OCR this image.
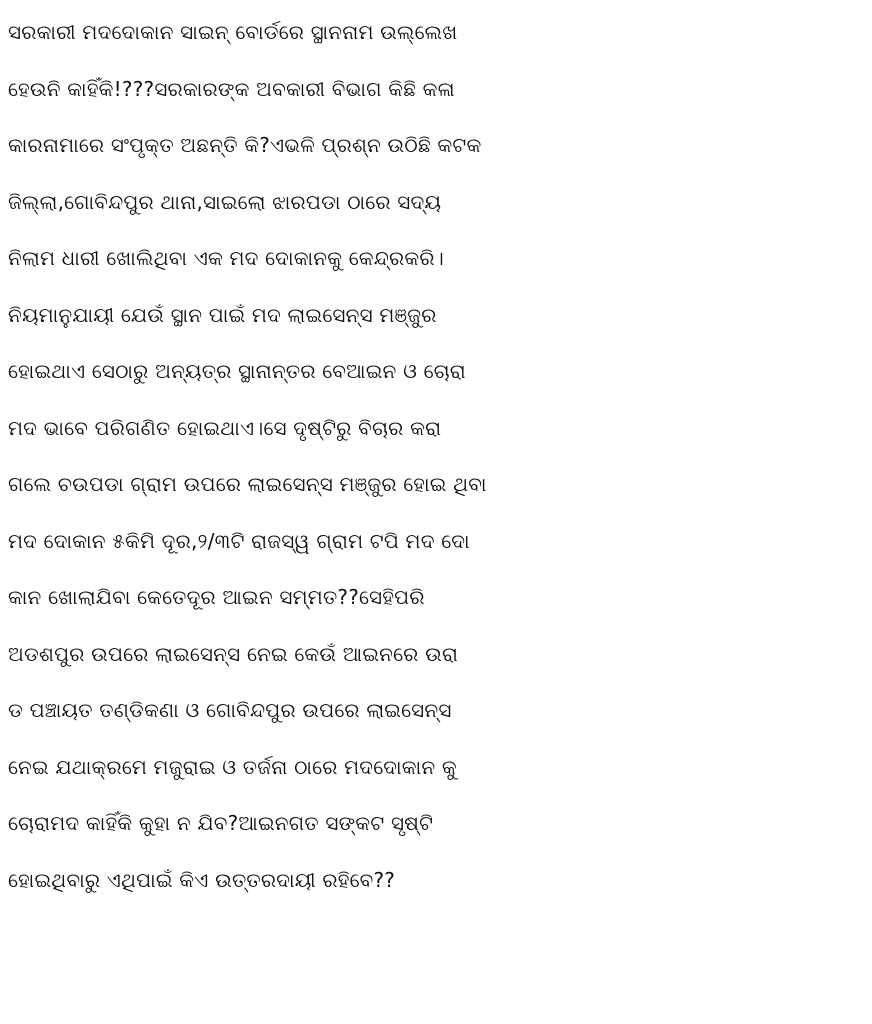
ସରକାରୀ ମଦଦୋକାନ ସାଇନ୍ ବୋର୍ଡରେ ସ୍ଥାନନାମ ଉଲ୍ଲେଖ
ହେଉନି କାହିଁକି!???ସରକାରଙ୍କ ଅବକାରୀ ବିଭାଗ କିଛି କଳା
କାରନାମାରେ ସଂପୃକ୍ତ ଅଛନ୍ତି କି?ଏଭଳି ପ୍ରଶ୍ନ ଉଠିଛି କଟକ
ଜିଲ୍ଲା,ଗୋବିନ୍ଦପୁର ଥାନା,ସାଇଲୋ ଝାରପଡା ଠାରେ ସଦ୍ୟ
ନିଲାମ ଧାରୀ ଖୋଲିଥିବା ଏକ ମଦ ଦୋକାନକୁ କେନ୍ଦ୍ରକରି।
ନିୟମାନୁଯାୟୀ ଯେଉଁ ସ୍ଥାନ ପାଇଁ ମଦ ଲାଇସେନ୍ସ ମଞ୍ଜୁର
ହୋଇଥାଏ ସେଠାରୁ ଅନ୍ୟତ୍ର ସ୍ଥାନାନ୍ତର ବେଆଇନ ଓ ଚୋରା
ମଦ ଭାବେ ପରିଗଣିତ ହୋଇଥାଏ।ସେ ଦୃଷ୍ଟିରୁ ବିଚାର କରା
ଗଲେ ଚଉପଡା ଗ୍ରାମ ଉପରେ ଲାଇସେନ୍ସ ମଞ୍ଜୁର ହୋଇ ଥିବା
ମଦ ଦୋକାନ ୫କିମି ଦୂର,୨/୩ଟି ରାଜସ୍ୱ ଗ୍ରାମ ଟପି ମଦ ଦୋ
କାନ ଖୋଲାଯିବା କେତେଦୂର ଆଇନ ସମ୍ମତ??ସେହିପରି
ଅଡଶପୁର ଉପରେ ଲାଇସେନ୍ସ ନେଇ କେଉଁ ଆଇନରେ ଉରା
ଡ ପଞ୍ଚାୟତ ତଣ୍ଡିକଣା ଓ ଗୋବିନ୍ଦପୁର ଉପରେ ଲାଇସେନ୍ସ
ନେଇ ଯଥାକ୍ରମେ ମଜୁରାଇ ଓ ତର୍ଜନା ଠାରେ ମଦଦୋକାନ କୁ
ଚୋରାମଦ କାହିଁକି କୁହା ନ ଯିବ?ଆଇନଗତ ସଙ୍କଟ ସୃଷ୍ଟି
ହୋଇଥିବାରୁ ଏଥିପାଇଁ କିଏ ଉତ୍ତରଦାୟୀ ରହିବେ??
